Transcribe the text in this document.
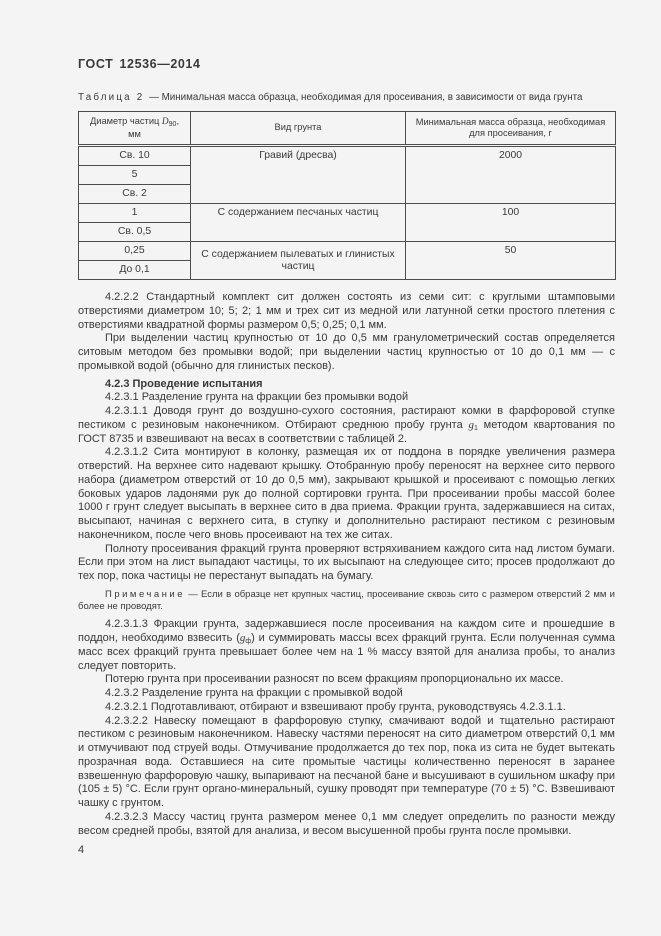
ГОСТ 12536—2014
Таблица 2 — Минимальная масса образца, необходимая для просеивания, в зависимости от вида грунта
Диаметр частиц $D_{90}$, мм	Вид грунта	Минимальная масса образца, необходимая для просеивания, г
Св. 10	Гравий (дресва)	2000
5		
Св. 2		
1	С содержанием песчаных частиц	100
Св. 0,5		
0,25	С содержанием пылеватых и глинистых частиц	50
До 0,1		

4.2.2.2 Стандартный комплект сит должен состоять из семи сит: с круглыми штамповыми отверстиями диаметром 10; 5; 2; 1 мм и трех сит из медной или латунной сетки простого плетения с отверстиями квадратной формы размером 0,5; 0,25; 0,1 мм.

При выделении частиц крупностью от 10 до 0,5 мм гранулометрический состав определяется ситовым методом без промывки водой; при выделении частиц крупностью от 10 до 0,1 мм — с промывкой водой (обычно для глинистых песков).

4.2.3 Проведение испытания

4.2.3.1 Разделение грунта на фракции без промывки водой

4.2.3.1.1 Доводя грунт до воздушно-сухого состояния, растирают комки в фарфоровой ступке пестиком с резиновым наконечником. Отбирают среднюю пробу грунта $g_1$ методом квартования по ГОСТ 8735 и взвешивают на весах в соответствии с таблицей 2.

4.2.3.1.2 Сита монтируют в колонку, размещая их от поддона в порядке увеличения размера отверстий. На верхнее сито надевают крышку. Отобранную пробу переносят на верхнее сито первого набора (диаметром отверстий от 10 до 0,5 мм), закрывают крышкой и просеивают с помощью легких боковых ударов ладонями рук до полной сортировки грунта. При просеивании пробы массой более 1000 г грунт следует высыпать в верхнее сито в два приема. Фракции грунта, задержавшиеся на ситах, высыпают, начиная с верхнего сита, в ступку и дополнительно растирают пестиком с резиновым наконечником, после чего вновь просеивают на тех же ситах.

Полноту просеивания фракций грунта проверяют встряхиванием каждого сита над листом бумаги. Если при этом на лист выпадают частицы, то их высыпают на следующее сито; просев продолжают до тех пор, пока частицы не перестанут выпадать на бумагу.

Примечание — Если в образце нет крупных частиц, просеивание сквозь сито с размером отверстий 2 мм и более не проводят.

4.2.3.1.3 Фракции грунта, задержавшиеся после просеивания на каждом сите и прошедшие в поддон, необходимо взвесить $(g_ф)$ и суммировать массы всех фракций грунта. Если полученная сумма масс всех фракций грунта превышает более чем на 1 % массу взятой для анализа пробы, то анализ следует повторить.

Потерю грунта при просеивании разносят по всем фракциям пропорционально их массе.

4.2.3.2 Разделение грунта на фракции с промывкой водой

4.2.3.2.1 Подготавливают, отбирают и взвешивают пробу грунта, руководствуясь 4.2.3.1.1.

4.2.3.2.2 Навеску помещают в фарфоровую ступку, смачивают водой и тщательно растирают пестиком с резиновым наконечником. Навеску частями переносят на сито диаметром отверстий 0,1 мм и отмучивают под струей воды. Отмучивание продолжается до тех пор, пока из сита не будет вытекать прозрачная вода. Оставшиеся на сите промытые частицы количественно переносят в заранее взвешенную фарфоровую чашку, выпаривают на песчаной бане и высушивают в сушильном шкафу при (105 ± 5) °С. Если грунт органо-минеральный, сушку проводят при температуре (70 ± 5) °С. Взвешивают чашку с грунтом.

4.2.3.2.3 Массу частиц грунта размером менее 0,1 мм следует определить по разности между весом средней пробы, взятой для анализа, и весом высушенной пробы грунта после промывки.

4
